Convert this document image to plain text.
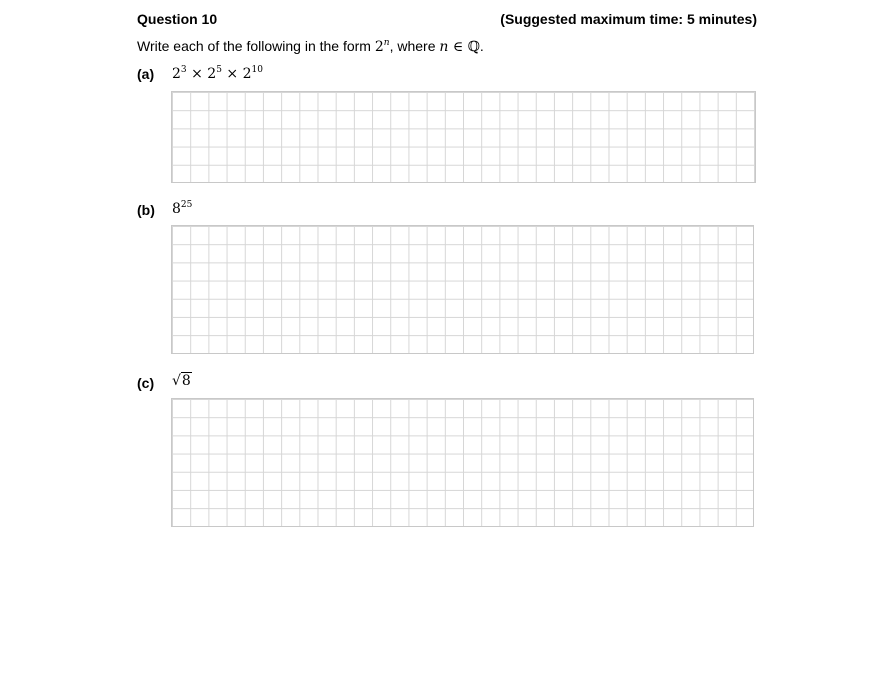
Question 10	(Suggested maximum time: 5 minutes)
Write each of the following in the form 2$^n$, where n ∈ ℚ.
(a) $2^3 \times 2^5 \times 2^{10}$
(b) $8^{25}$
(c) √8
